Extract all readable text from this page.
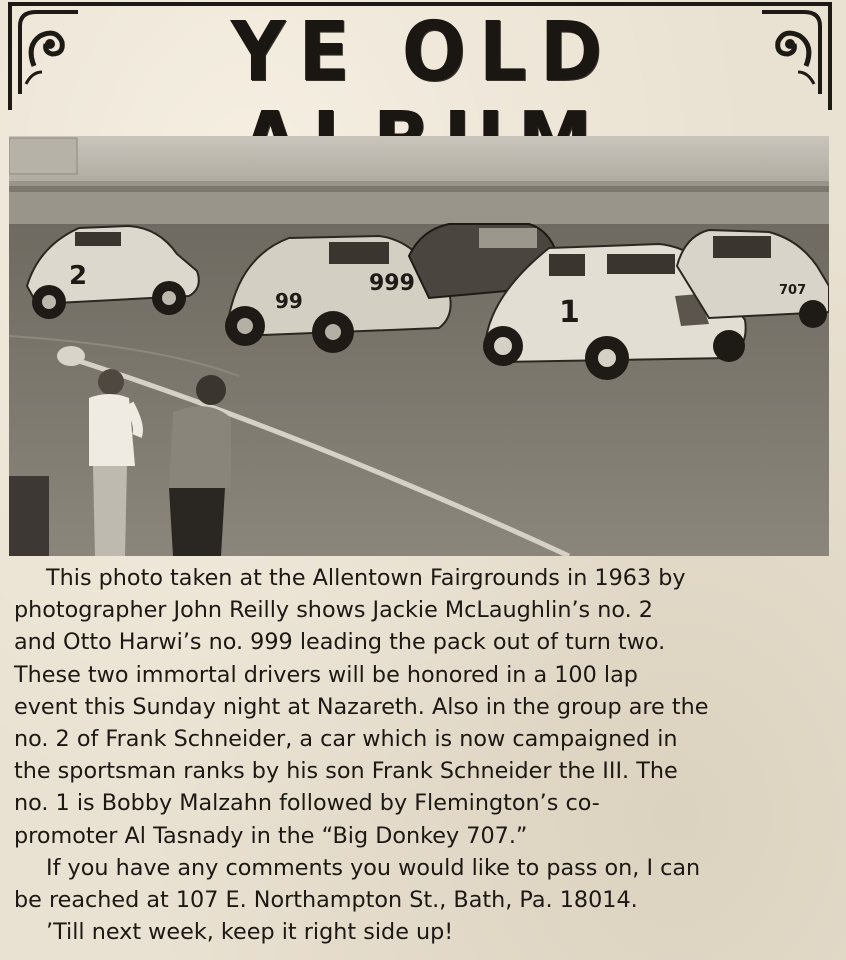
YE OLD
2	999
99	1
707
This photo taken at the Allentown Fairgrounds in 1963 by
photographer John Reilly shows Jackie McLaughlin’s no. 2
and Otto Harwi’s no. 999 leading the pack out of turn two.
These two immortal drivers will be honored in a 100 lap
event this Sunday night at Nazareth. Also in the group are the
no. 2 of Frank Schneider, a car which is now campaigned in
the sportsman ranks by his son Frank Schneider the III. The
no. 1 is Bobby Malzahn followed by Flemington’s co-
promoter Al Tasnady in the “Big Donkey 707.”
If you have any comments you would like to pass on, I can
be reached at 107 E. Northampton St., Bath, Pa. 18014.
’Till next week, keep it right side up!
